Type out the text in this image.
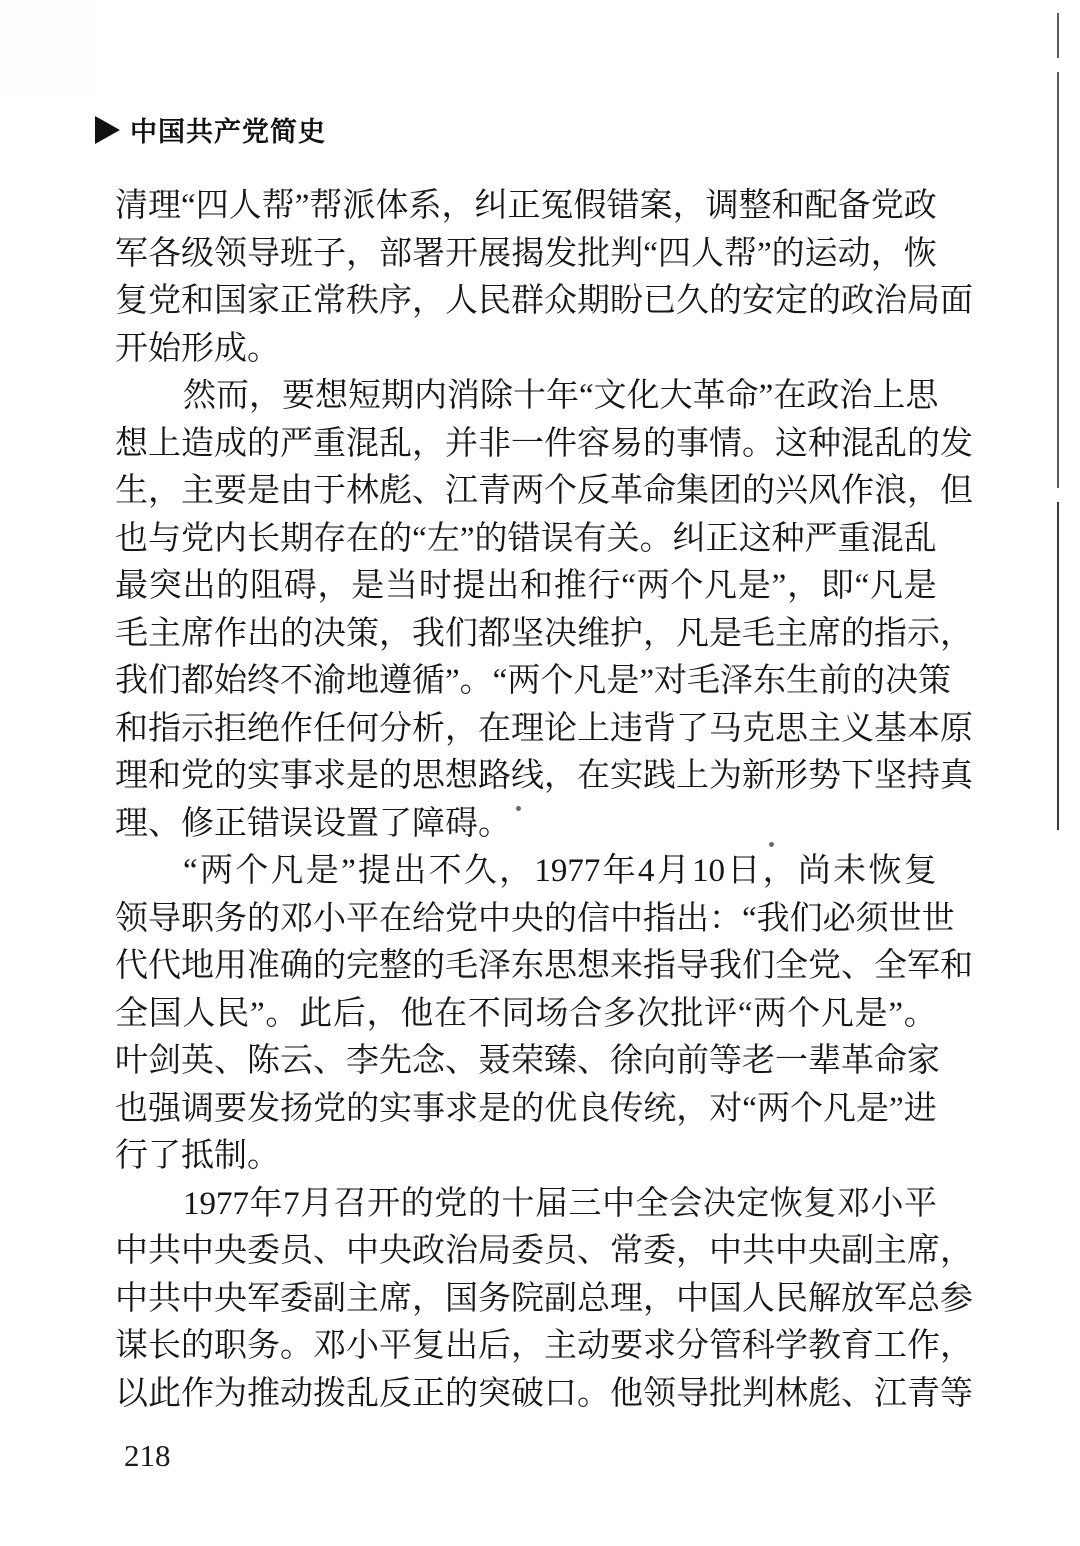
中国共产党简史
清 理 “ 四 人 帮 ” 帮 派 体 系 ， 纠 正 冤 假 错 案 ， 调 整 和 配 备 党 政
军 各 级 领 导 班 子 ， 部 署 开 展 揭 发 批 判 “ 四 人 帮 ” 的 运 动 ， 恢
复 党 和 国 家 正 常 秩 序 ， 人 民 群 众 期 盼 已 久 的 安 定 的 政 治 局 面
开始形成。
然 而 ， 要 想 短 期 内 消 除 十 年 “ 文 化 大 革 命 ” 在 政 治 上 思
想 上 造 成 的 严 重 混 乱 ， 并 非 一 件 容 易 的 事 情 。 这 种 混 乱 的 发
生 ， 主 要 是 由 于 林 彪 、 江 青 两 个 反 革 命 集 团 的 兴 风 作 浪 ， 但
也 与 党 内 长 期 存 在 的 “ 左 ” 的 错 误 有 关 。 纠 正 这 种 严 重 混 乱
最 突 出 的 阻 碍 ， 是 当 时 提 出 和 推 行 “ 两 个 凡 是 ” ， 即 “ 凡 是
毛 主 席 作 出 的 决 策 ， 我 们 都 坚 决 维 护 ， 凡 是 毛 主 席 的 指 示 ，
我 们 都 始 终 不 渝 地 遵 循 ” 。 “ 两 个 凡 是 ” 对 毛 泽 东 生 前 的 决 策
和 指 示 拒 绝 作 任 何 分 析 ， 在 理 论 上 违 背 了 马 克 思 主 义 基 本 原
理 和 党 的 实 事 求 是 的 思 想 路 线 ， 在 实 践 上 为 新 形 势 下 坚 持 真
理、修正错误设置了障碍。
“ 两 个 凡 是 ” 提 出 不 久 ， 1977 年 4 月 10 日 ， 尚 未 恢 复
领 导 职 务 的 邓 小 平 在 给 党 中 央 的 信 中 指 出 ： “ 我 们 必 须 世 世
代 代 地 用 准 确 的 完 整 的 毛 泽 东 思 想 来 指 导 我 们 全 党 、 全 军 和
全 国 人 民 ” 。 此 后 ， 他 在 不 同 场 合 多 次 批 评 “ 两 个 凡 是 ” 。
叶 剑 英 、 陈 云 、 李 先 念 、 聂 荣 臻 、 徐 向 前 等 老 一 辈 革 命 家
也 强 调 要 发 扬 党 的 实 事 求 是 的 优 良 传 统 ， 对 “ 两 个 凡 是 ” 进
行了抵制。
1977 年 7 月 召 开 的 党 的 十 届 三 中 全 会 决 定 恢 复 邓 小 平
中 共 中 央 委 员 、 中 央 政 治 局 委 员 、 常 委 ， 中 共 中 央 副 主 席 ，
中 共 中 央 军 委 副 主 席 ， 国 务 院 副 总 理 ， 中 国 人 民 解 放 军 总 参
谋 长 的 职 务 。 邓 小 平 复 出 后 ， 主 动 要 求 分 管 科 学 教 育 工 作 ，
以 此 作 为 推 动 拨 乱 反 正 的 突 破 口 。 他 领 导 批 判 林 彪 、 江 青 等
218
